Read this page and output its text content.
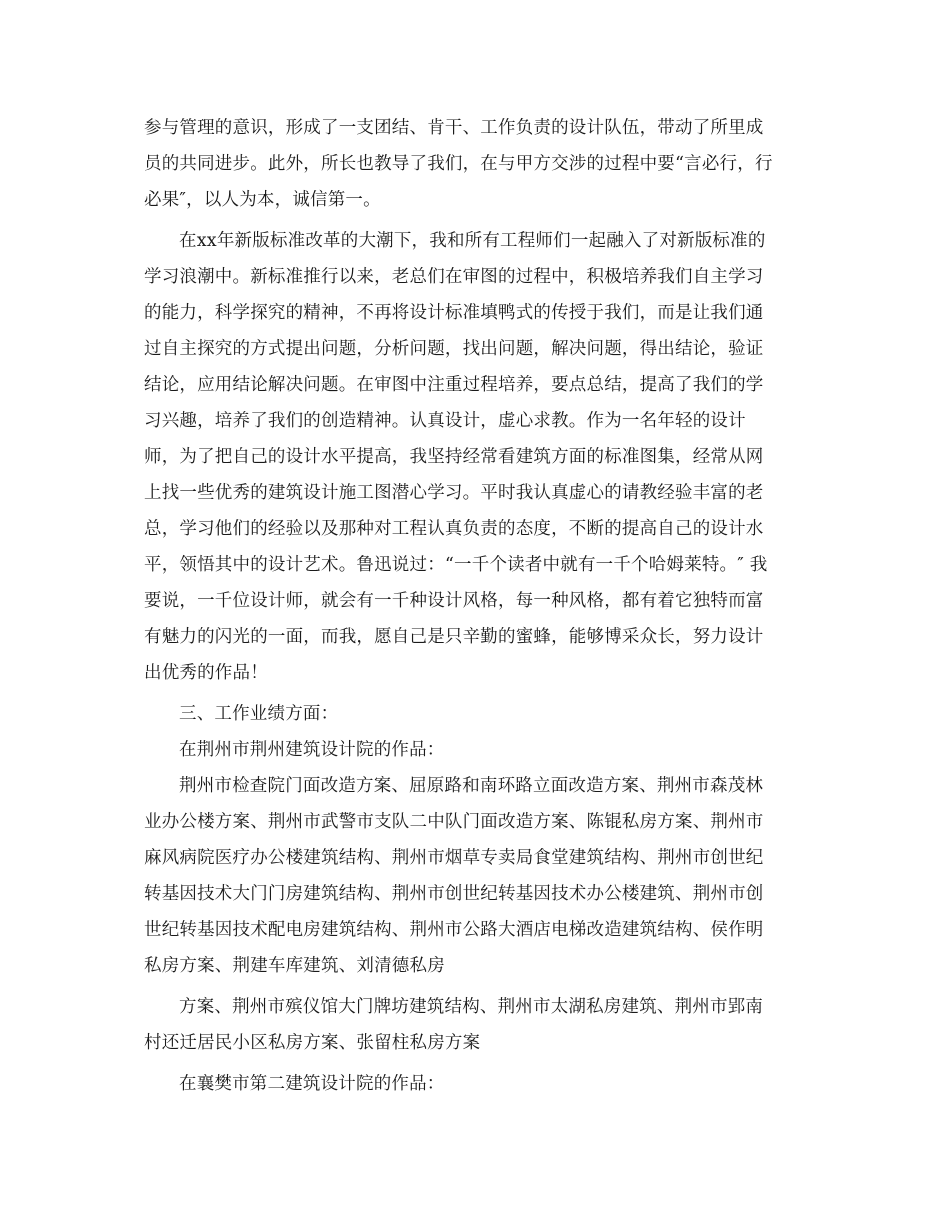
参与管理的意识，形成了一支团结、肯干、工作负责的设计队伍，带动了所里成
员的共同进步。此外，所长也教导了我们，在与甲方交涉的过程中要“言必行，行
必果″，以人为本，诚信第一。
在xx年新版标准改革的大潮下，我和所有工程师们一起融入了对新版标准的
学习浪潮中。新标准推行以来，老总们在审图的过程中，积极培养我们自主学习
的能力，科学探究的精神，不再将设计标准填鸭式的传授于我们，而是让我们通
过自主探究的方式提出问题，分析问题，找出问题，解决问题，得出结论，验证
结论，应用结论解决问题。在审图中注重过程培养，要点总结，提高了我们的学
习兴趣，培养了我们的创造精神。认真设计，虚心求教。作为一名年轻的设计
师，为了把自己的设计水平提高，我坚持经常看建筑方面的标准图集，经常从网
上找一些优秀的建筑设计施工图潜心学习。平时我认真虚心的请教经验丰富的老
总，学习他们的经验以及那种对工程认真负责的态度，不断的提高自己的设计水
平，领悟其中的设计艺术。鲁迅说过：“一千个读者中就有一千个哈姆莱特。″ 我
要说，一千位设计师，就会有一千种设计风格，每一种风格，都有着它独特而富
有魅力的闪光的一面，而我，愿自己是只辛勤的蜜蜂，能够博采众长，努力设计
出优秀的作品！
三、工作业绩方面：
在荆州市荆州建筑设计院的作品：
荆州市检查院门面改造方案、屈原路和南环路立面改造方案、荆州市森茂林
业办公楼方案、荆州市武警市支队二中队门面改造方案、陈锟私房方案、荆州市
麻风病院医疗办公楼建筑结构、荆州市烟草专卖局食堂建筑结构、荆州市创世纪
转基因技术大门门房建筑结构、荆州市创世纪转基因技术办公楼建筑、荆州市创
世纪转基因技术配电房建筑结构、荆州市公路大酒店电梯改造建筑结构、侯作明
私房方案、荆建车库建筑、刘清德私房
方案、荆州市殡仪馆大门牌坊建筑结构、荆州市太湖私房建筑、荆州市郢南
村还迁居民小区私房方案、张留柱私房方案
在襄樊市第二建筑设计院的作品：
